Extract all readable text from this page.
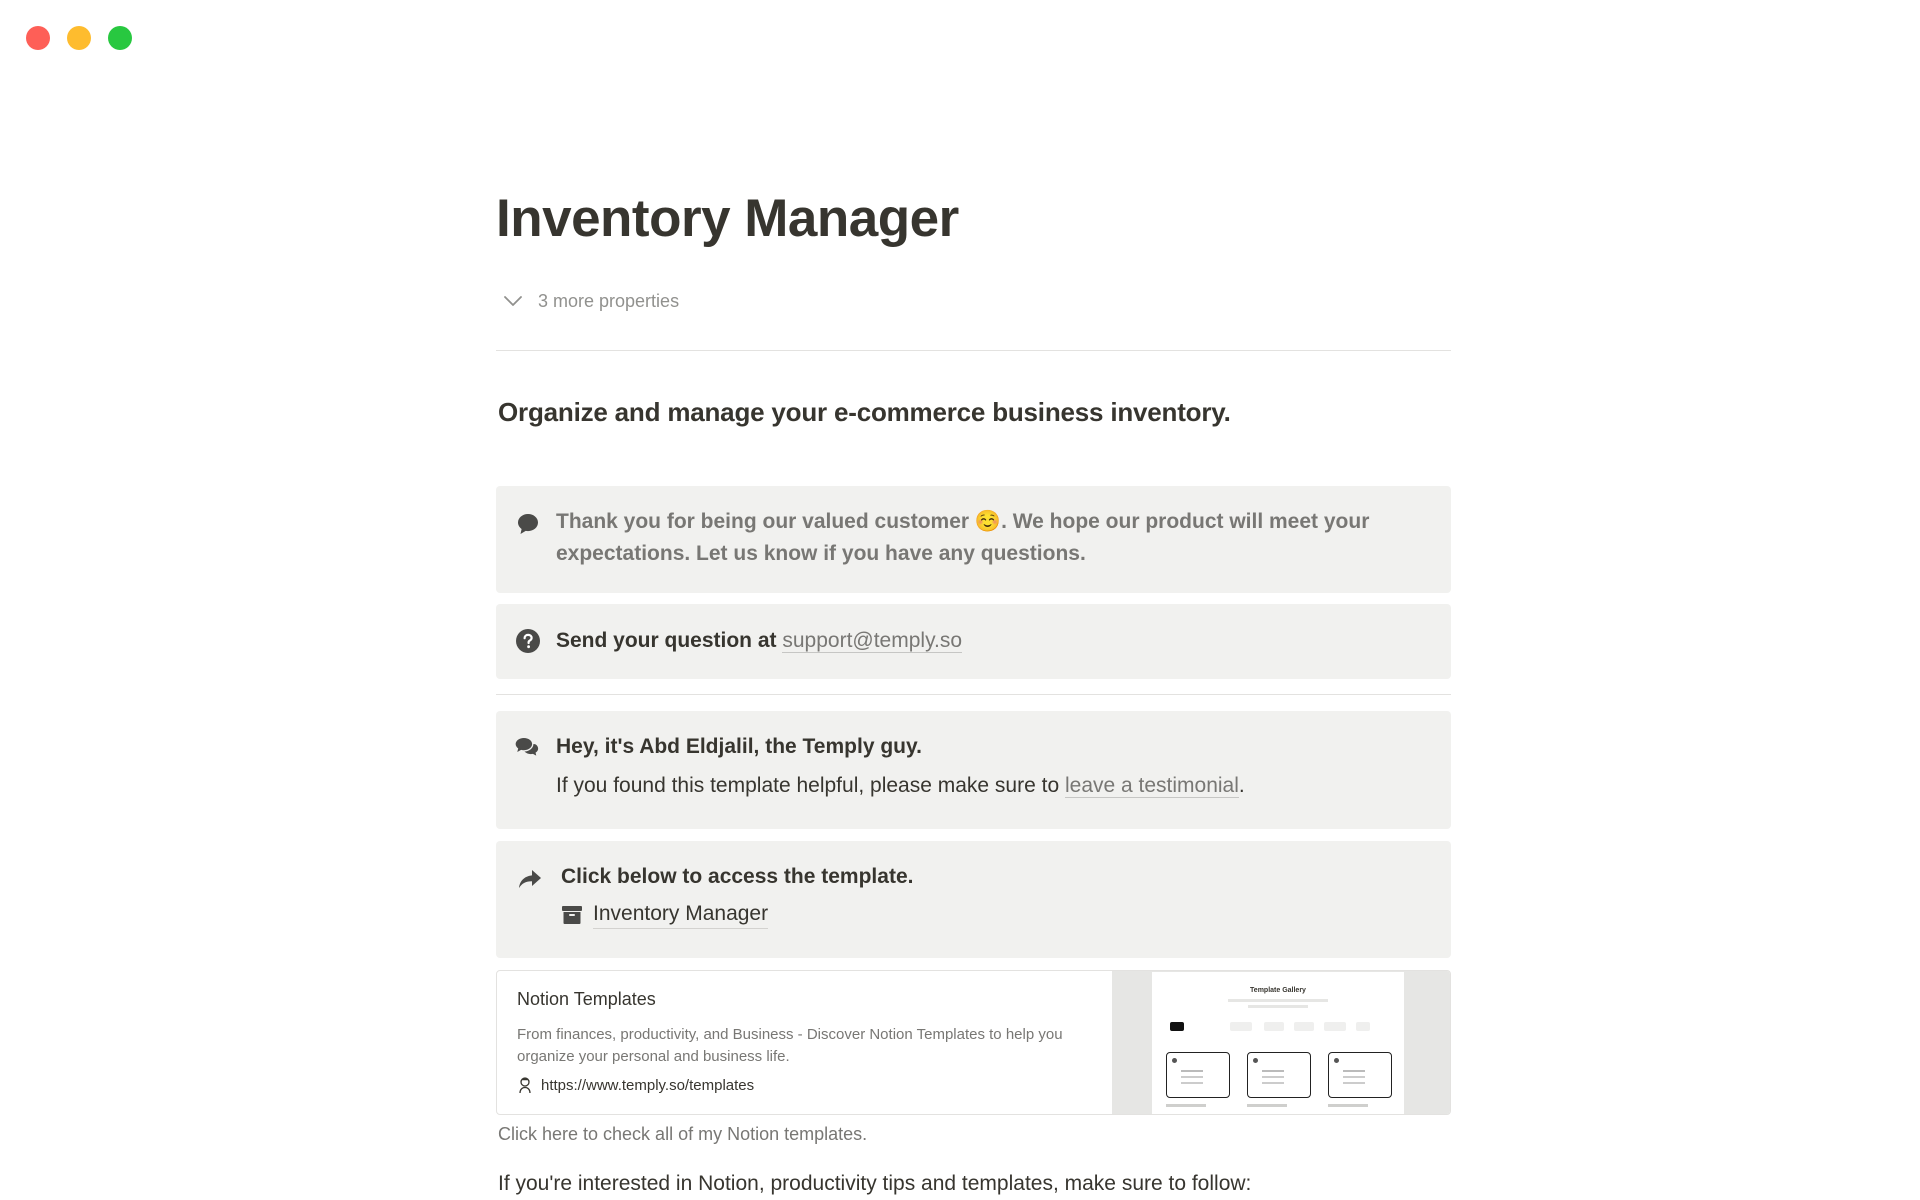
Inventory Manager
3 more properties
Organize and manage your e-commerce business inventory.
Thank you for being our valued customer ☺️. We hope our product will meet your expectations. Let us know if you have any questions.
Send your question at support@temply.so
Hey, it's Abd Eldjalil, the Temply guy.
If you found this template helpful, please make sure to leave a testimonial.
Click below to access the template.
Inventory Manager
Notion Templates
From finances, productivity, and Business - Discover Notion Templates to help you organize your personal and business life.
https://www.temply.so/templates
Template Gallery
Click here to check all of my Notion templates.
If you're interested in Notion, productivity tips and templates, make sure to follow:
